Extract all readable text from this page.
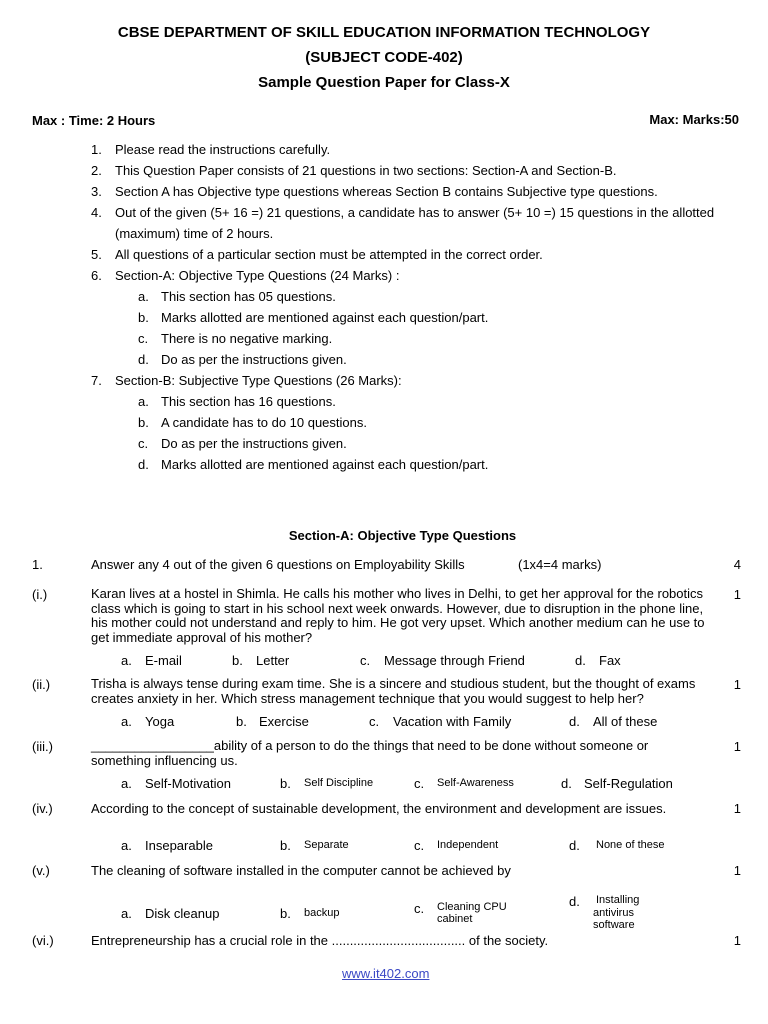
CBSE DEPARTMENT OF SKILL EDUCATION INFORMATION TECHNOLOGY
(SUBJECT CODE-402)
Sample Question Paper for Class-X
Max : Time: 2 Hours	Max: Marks:50
1. Please read the instructions carefully.
2. This Question Paper consists of 21 questions in two sections: Section-A and Section-B.
3. Section A has Objective type questions whereas Section B contains Subjective type questions.
4. Out of the given (5+ 16 =) 21 questions, a candidate has to answer (5+ 10 =) 15 questions in the allotted
(maximum) time of 2 hours.
5. All questions of a particular section must be attempted in the correct order.
6. Section-A: Objective Type Questions (24 Marks) :
a. This section has 05 questions.
b. Marks allotted are mentioned against each question/part.
c. There is no negative marking.
d. Do as per the instructions given.
7. Section-B: Subjective Type Questions (26 Marks):
a. This section has 16 questions.
b. A candidate has to do 10 questions.
c. Do as per the instructions given.
d. Marks allotted are mentioned against each question/part.
Section-A: Objective Type Questions
1.	Answer any 4 out of the given 6 questions on Employability Skills	(1x4=4 marks)	4
(i.)	Karan lives at a hostel in Shimla. He calls his mother who lives in Delhi, to get her approval for the robotics class which is going to start in his school next week onwards. However, due to disruption in the phone line, his mother could not understand and reply to him. He got very upset. Which another medium can he use to get immediate approval of his mother?
1
a. E-mail	b. Letter	c. Message through Friend	d. Fax
(ii.)	Trisha is always tense during exam time. She is a sincere and studious student, but the thought of exams creates anxiety in her. Which stress management technique that you would suggest to help her?
1
a. Yoga	b. Exercise	c. Vacation with Family	d. All of these
(iii.)	_________________ability of a person to do the things that need to be done without someone or something influencing us.
1
a. Self-Motivation	b. Self Discipline	c. Self-Awareness	d. Self-Regulation
(iv.)	According to the concept of sustainable development, the environment and development are issues.	1
a. Inseparable	b. Separate	c. Independent	d. None of these
(v.)	The cleaning of software installed in the computer cannot be achieved by	1
a. Disk cleanup	b. backup	c. Cleaning CPU
cabinet
d. Installing
antivirus
software
(vi.)	Entrepreneurship has a crucial role in the ..................................... of the society.	1
www.it402.com
